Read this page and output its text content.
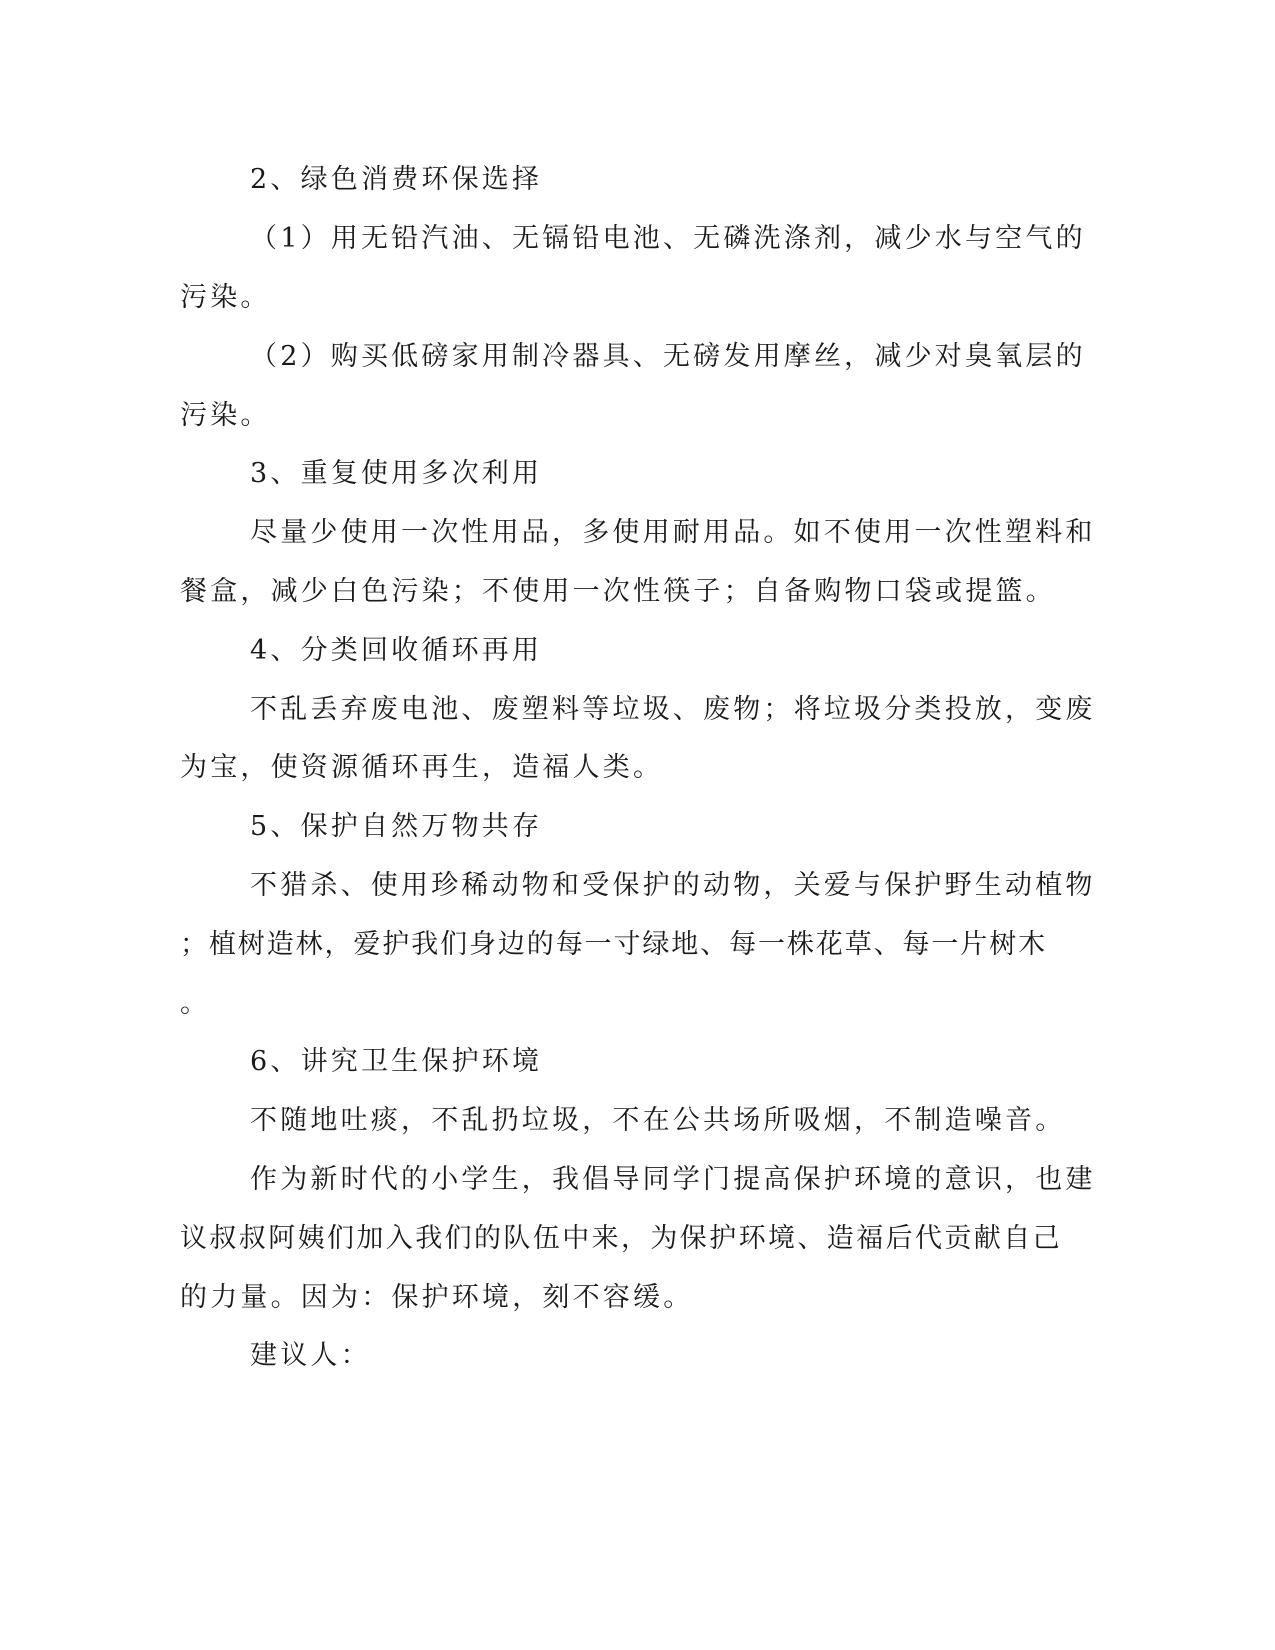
2、绿色消费环保选择
（1）用无铅汽油、无镉铅电池、无磷洗涤剂，减少水与空气的
污染。
（2）购买低磅家用制冷器具、无磅发用摩丝，减少对臭氧层的
污染。
3、重复使用多次利用
尽量少使用一次性用品，多使用耐用品。如不使用一次性塑料和
餐盒，减少白色污染；不使用一次性筷子；自备购物口袋或提篮。
4、分类回收循环再用
不乱丢弃废电池、废塑料等垃圾、废物；将垃圾分类投放，变废
为宝，使资源循环再生，造福人类。
5、保护自然万物共存
不猎杀、使用珍稀动物和受保护的动物，关爱与保护野生动植物
；植树造林，爱护我们身边的每一寸绿地、每一株花草、每一片树木
。
6、讲究卫生保护环境
不随地吐痰，不乱扔垃圾，不在公共场所吸烟，不制造噪音。
作为新时代的小学生，我倡导同学门提高保护环境的意识，也建
议叔叔阿姨们加入我们的队伍中来，为保护环境、造福后代贡献自己
的力量。因为：保护环境，刻不容缓。
建议人：
